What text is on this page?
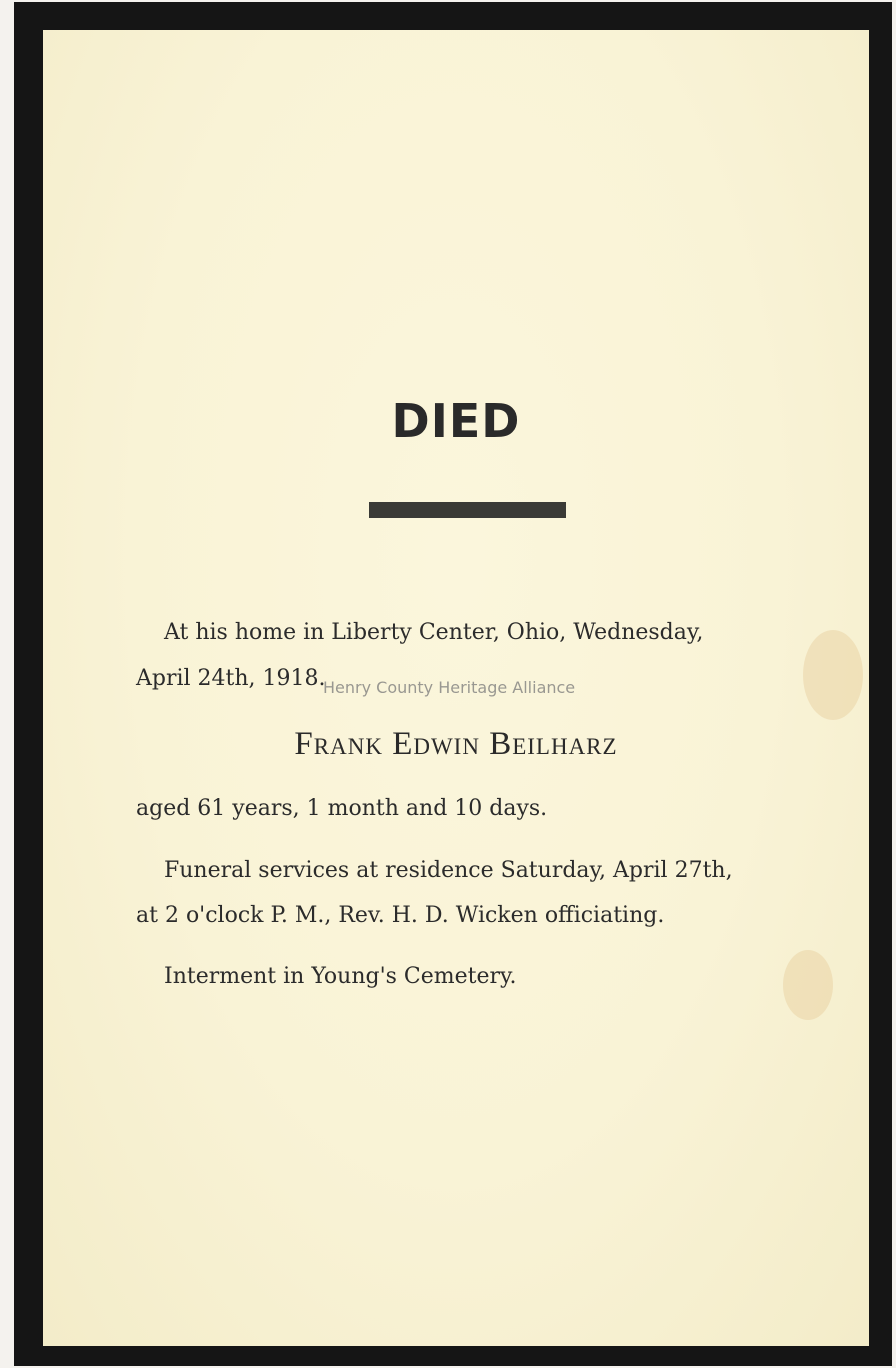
DIED
At his home in Liberty Center, Ohio, Wednesday,
April 24th, 1918.
Frank Edwin Beilharz
aged 61 years, 1 month and 10 days.
Funeral services at residence Saturday, April 27th,
at 2 o'clock P. M., Rev. H. D. Wicken officiating.
Interment in Young's Cemetery.
Henry County Heritage Alliance
